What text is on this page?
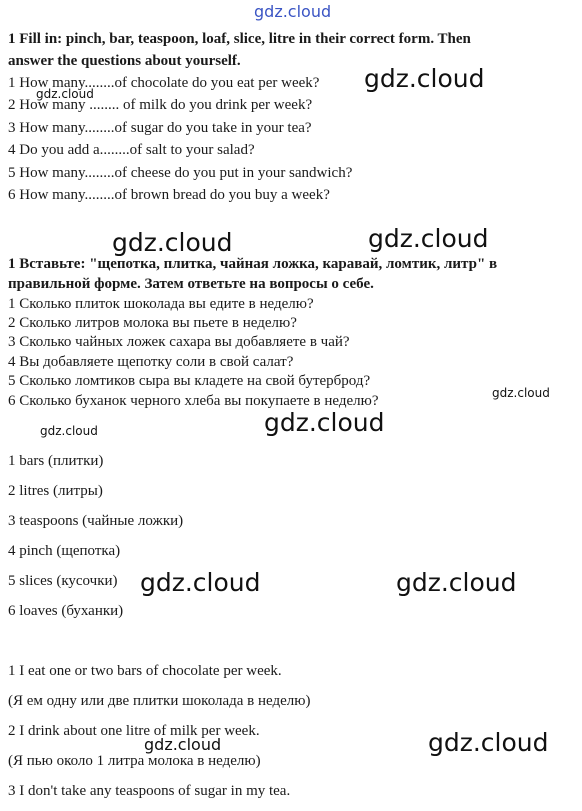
gdz.cloud
1 Fill in: pinch, bar, teaspoon, loaf, slice, litre in their correct form. Then
answer the questions about yourself.
1 How many........of chocolate do you eat per week?
2 How many ........ of milk do you drink per week?
3 How many........of sugar do you take in your tea?
4 Do you add a........of salt to your salad?
5 How many........of cheese do you put in your sandwich?
6 How many........of brown bread do you buy a week?
1 Вставьте: "щепотка, плитка, чайная ложка, каравай, ломтик, литр" в
правильной форме. Затем ответьте на вопросы о себе.
1 Сколько плиток шоколада вы едите в неделю?
2 Сколько литров молока вы пьете в неделю?
3 Сколько чайных ложек сахара вы добавляете в чай?
4 Вы добавляете щепотку соли в свой салат?
5 Сколько ломтиков сыра вы кладете на свой бутерброд?
6 Сколько буханок черного хлеба вы покупаете в неделю?
1 bars (плитки)
2 litres (литры)
3 teaspoons (чайные ложки)
4 pinch (щепотка)
5 slices (кусочки)
6 loaves (буханки)
1 I eat one or two bars of chocolate per week.
(Я ем одну или две плитки шоколада в неделю)
2 I drink about one litre of milk per week.
(Я пью около 1 литра молока в неделю)
3 I don't take any teaspoons of sugar in my tea.
gdz.cloud
gdz.cloud
gdz.cloud	gdz.cloud
gdz.cloud
gdz.cloud	gdz.cloud
gdz.cloud	gdz.cloud
gdz.cloud	gdz.cloud
